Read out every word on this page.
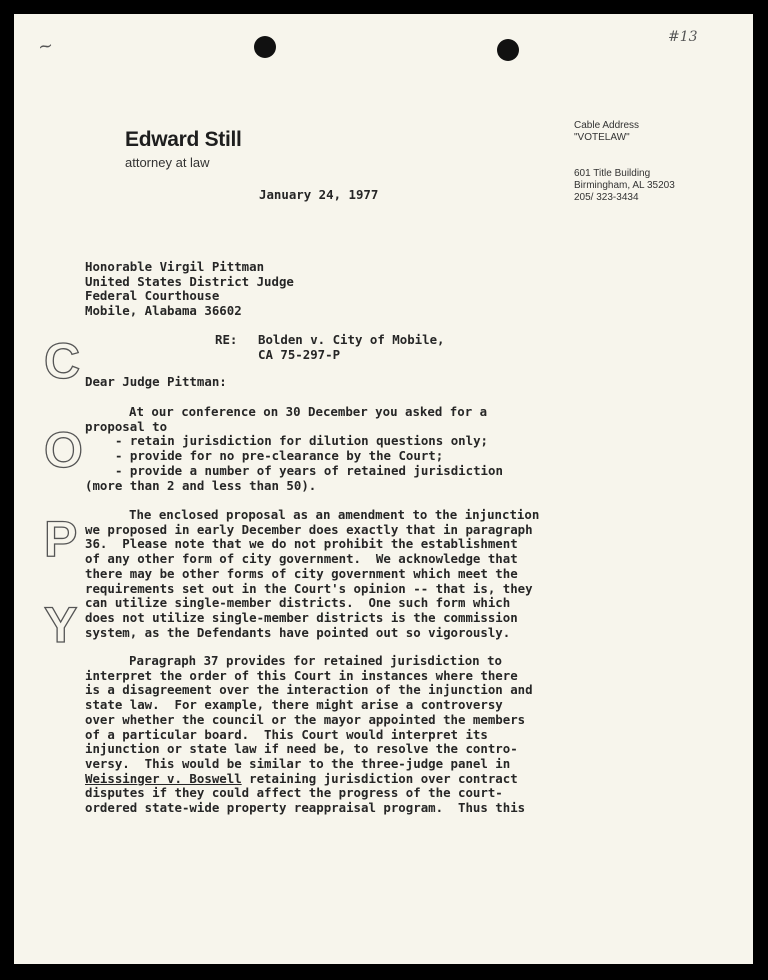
#13
~
Edward Still
attorney at law
Cable Address
"VOTELAW"
601 Title Building
Birmingham, AL 35203
205/ 323-3434
January 24, 1977
Honorable Virgil Pittman
United States District Judge
Federal Courthouse
Mobile, Alabama 36602
RE: Bolden v. City of Mobile,
CA 75-297-P
C
O
P
Y
Dear Judge Pittman:
At our conference on 30 December you asked for a
proposal to
- retain jurisdiction for dilution questions only;
- provide for no pre-clearance by the Court;
- provide a number of years of retained jurisdiction
(more than 2 and less than 50).
The enclosed proposal as an amendment to the injunction
we proposed in early December does exactly that in paragraph
36.  Please note that we do not prohibit the establishment
of any other form of city government.  We acknowledge that
there may be other forms of city government which meet the
requirements set out in the Court's opinion -- that is, they
can utilize single-member districts.  One such form which
does not utilize single-member districts is the commission
system, as the Defendants have pointed out so vigorously.
Paragraph 37 provides for retained jurisdiction to
interpret the order of this Court in instances where there
is a disagreement over the interaction of the injunction and
state law.  For example, there might arise a controversy
over whether the council or the mayor appointed the members
of a particular board.  This Court would interpret its
injunction or state law if need be, to resolve the contro-
versy.  This would be similar to the three-judge panel in
Weissinger v. Boswell retaining jurisdiction over contract
disputes if they could affect the progress of the court-
ordered state-wide property reappraisal program.  Thus this
